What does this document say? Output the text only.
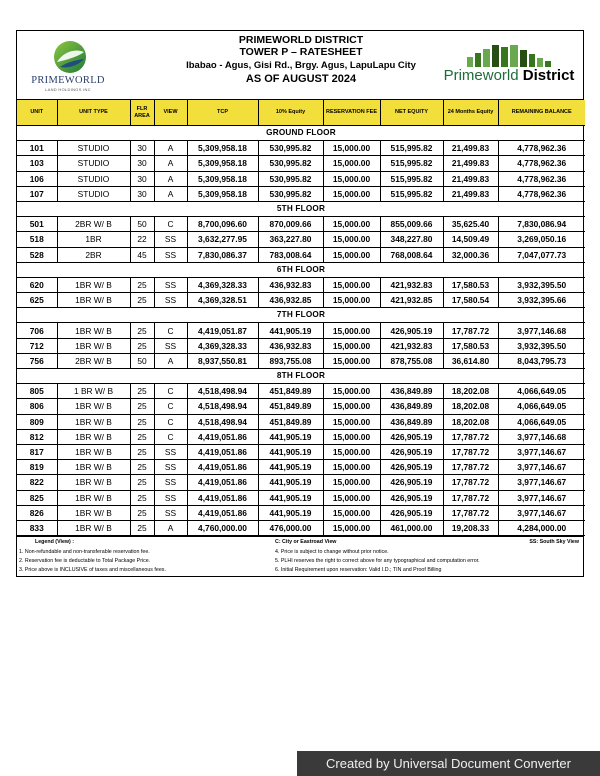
PRIMEWORLD
LAND HOLDINGS INC
PRIMEWORLD DISTRICT
TOWER P – RATESHEET
Ibabao - Agus, Gisi Rd., Brgy. Agus, LapuLapu City
AS OF AUGUST 2024	Primeworld District
UNIT	UNIT TYPE	FLR AREA	VIEW	TCP	10% Equity	RESERVATION FEE	NET EQUITY	24 Months Equity	REMAINING BALANCE
GROUND FLOOR									
101	STUDIO	30	A	5,309,958.18	530,995.82	15,000.00	515,995.82	21,499.83	4,778,962.36
103	STUDIO	30	A	5,309,958.18	530,995.82	15,000.00	515,995.82	21,499.83	4,778,962.36
106	STUDIO	30	A	5,309,958.18	530,995.82	15,000.00	515,995.82	21,499.83	4,778,962.36
107	STUDIO	30	A	5,309,958.18	530,995.82	15,000.00	515,995.82	21,499.83	4,778,962.36
5TH FLOOR									
501	2BR W/ B	50	C	8,700,096.60	870,009.66	15,000.00	855,009.66	35,625.40	7,830,086.94
518	1BR	22	SS	3,632,277.95	363,227.80	15,000.00	348,227.80	14,509.49	3,269,050.16
528	2BR	45	SS	7,830,086.37	783,008.64	15,000.00	768,008.64	32,000.36	7,047,077.73
6TH FLOOR									
620	1BR W/ B	25	SS	4,369,328.33	436,932.83	15,000.00	421,932.83	17,580.53	3,932,395.50
625	1BR W/ B	25	SS	4,369,328.51	436,932.85	15,000.00	421,932.85	17,580.54	3,932,395.66
7TH FLOOR									
706	1BR W/ B	25	C	4,419,051.87	441,905.19	15,000.00	426,905.19	17,787.72	3,977,146.68
712	1BR W/ B	25	SS	4,369,328.33	436,932.83	15,000.00	421,932.83	17,580.53	3,932,395.50
756	2BR W/ B	50	A	8,937,550.81	893,755.08	15,000.00	878,755.08	36,614.80	8,043,795.73
8TH FLOOR									
805	1 BR W/ B	25	C	4,518,498.94	451,849.89	15,000.00	436,849.89	18,202.08	4,066,649.05
806	1BR W/ B	25	C	4,518,498.94	451,849.89	15,000.00	436,849.89	18,202.08	4,066,649.05
809	1BR W/ B	25	C	4,518,498.94	451,849.89	15,000.00	436,849.89	18,202.08	4,066,649.05
812	1BR W/ B	25	C	4,419,051.86	441,905.19	15,000.00	426,905.19	17,787.72	3,977,146.68
817	1BR W/ B	25	SS	4,419,051.86	441,905.19	15,000.00	426,905.19	17,787.72	3,977,146.67
819	1BR W/ B	25	SS	4,419,051.86	441,905.19	15,000.00	426,905.19	17,787.72	3,977,146.67
822	1BR W/ B	25	SS	4,419,051.86	441,905.19	15,000.00	426,905.19	17,787.72	3,977,146.67
825	1BR W/ B	25	SS	4,419,051.86	441,905.19	15,000.00	426,905.19	17,787.72	3,977,146.67
826	1BR W/ B	25	SS	4,419,051.86	441,905.19	15,000.00	426,905.19	17,787.72	3,977,146.67
833	1BR W/ B	25	A	4,760,000.00	476,000.00	15,000.00	461,000.00	19,208.33	4,284,000.00
Legend (View) :	C: City or Eastroad View	SS: South Sky View
1. Non-refundable and non-transferable reservation fee.
2. Reservation fee is deductable to Total Package Price.
3. Price above is INCLUSIVE of taxes and miscellaneous fees.
4. Price is subject to change without prior notice.
5. PLHI reserves the right to correct above for any typographical and computation error.
6. Initial Requirement upon reservation: Valid I.D.; TIN and Proof Billing
Created by Universal Document Converter
